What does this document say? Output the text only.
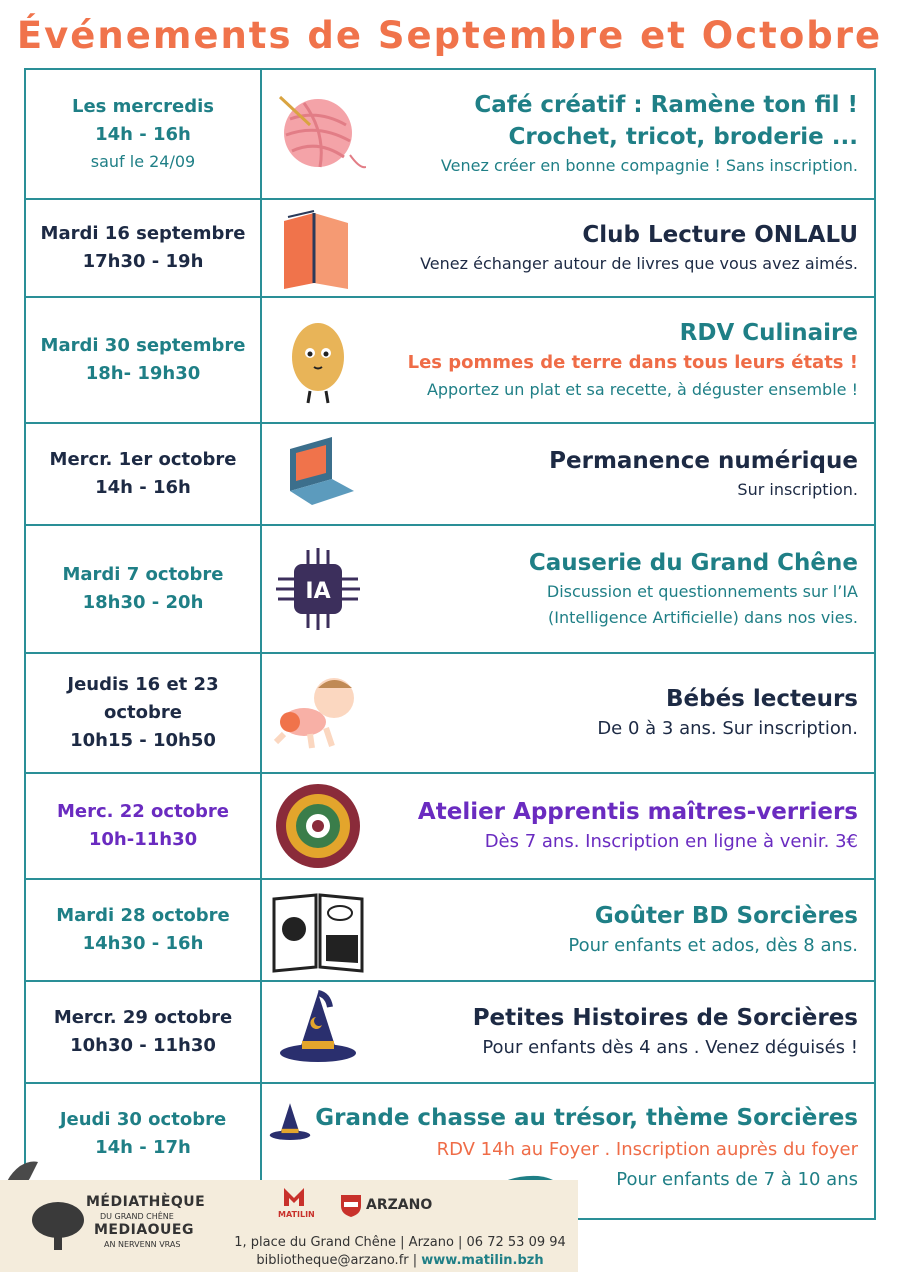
Événements de Septembre et Octobre
Les mercredis
14h - 16h
sauf le 24/09
Café créatif : Ramène ton fil !
Crochet, tricot, broderie ...
Venez créer en bonne compagnie ! Sans inscription.
Mardi 16 septembre
17h30 - 19h
Club Lecture ONLALU
Venez échanger autour de livres que vous avez aimés.
Mardi 30 septembre
18h- 19h30
RDV Culinaire
Les pommes de terre dans tous leurs états !
Apportez un plat et sa recette, à déguster ensemble !
Mercr. 1er octobre
14h - 16h
Permanence numérique
Sur inscription.
Mardi 7 octobre
18h30 - 20h	IA
Causerie du Grand Chêne
Discussion et questionnements sur l’IA
(Intelligence Artificielle) dans nos vies.
Jeudis 16 et 23
octobre
10h15 - 10h50
Bébés lecteurs
De 0 à 3 ans. Sur inscription.
Merc. 22 octobre
10h-11h30
Atelier Apprentis maîtres-verriers
Dès 7 ans. Inscription en ligne à venir. 3€
Mardi 28 octobre
14h30 - 16h
Goûter BD Sorcières
Pour enfants et ados, dès 8 ans.
Mercr. 29 octobre
10h30 - 11h30
Petites Histoires de Sorcières
Pour enfants dès 4 ans . Venez déguisés !
Jeudi 30 octobre
14h - 17h
Grande chasse au trésor, thème Sorcières
RDV 14h au Foyer . Inscription auprès du foyer
Pour enfants de 7 à 10 ans
MÉDIATHÈQUE
DU GRAND CHÊNE
MEDIAOUEG
AN NERVENN VRAS
MATILIN
ARZANO
1, place du Grand Chêne | Arzano | 06 72 53 09 94
bibliotheque@arzano.fr | www.matilin.bzh
